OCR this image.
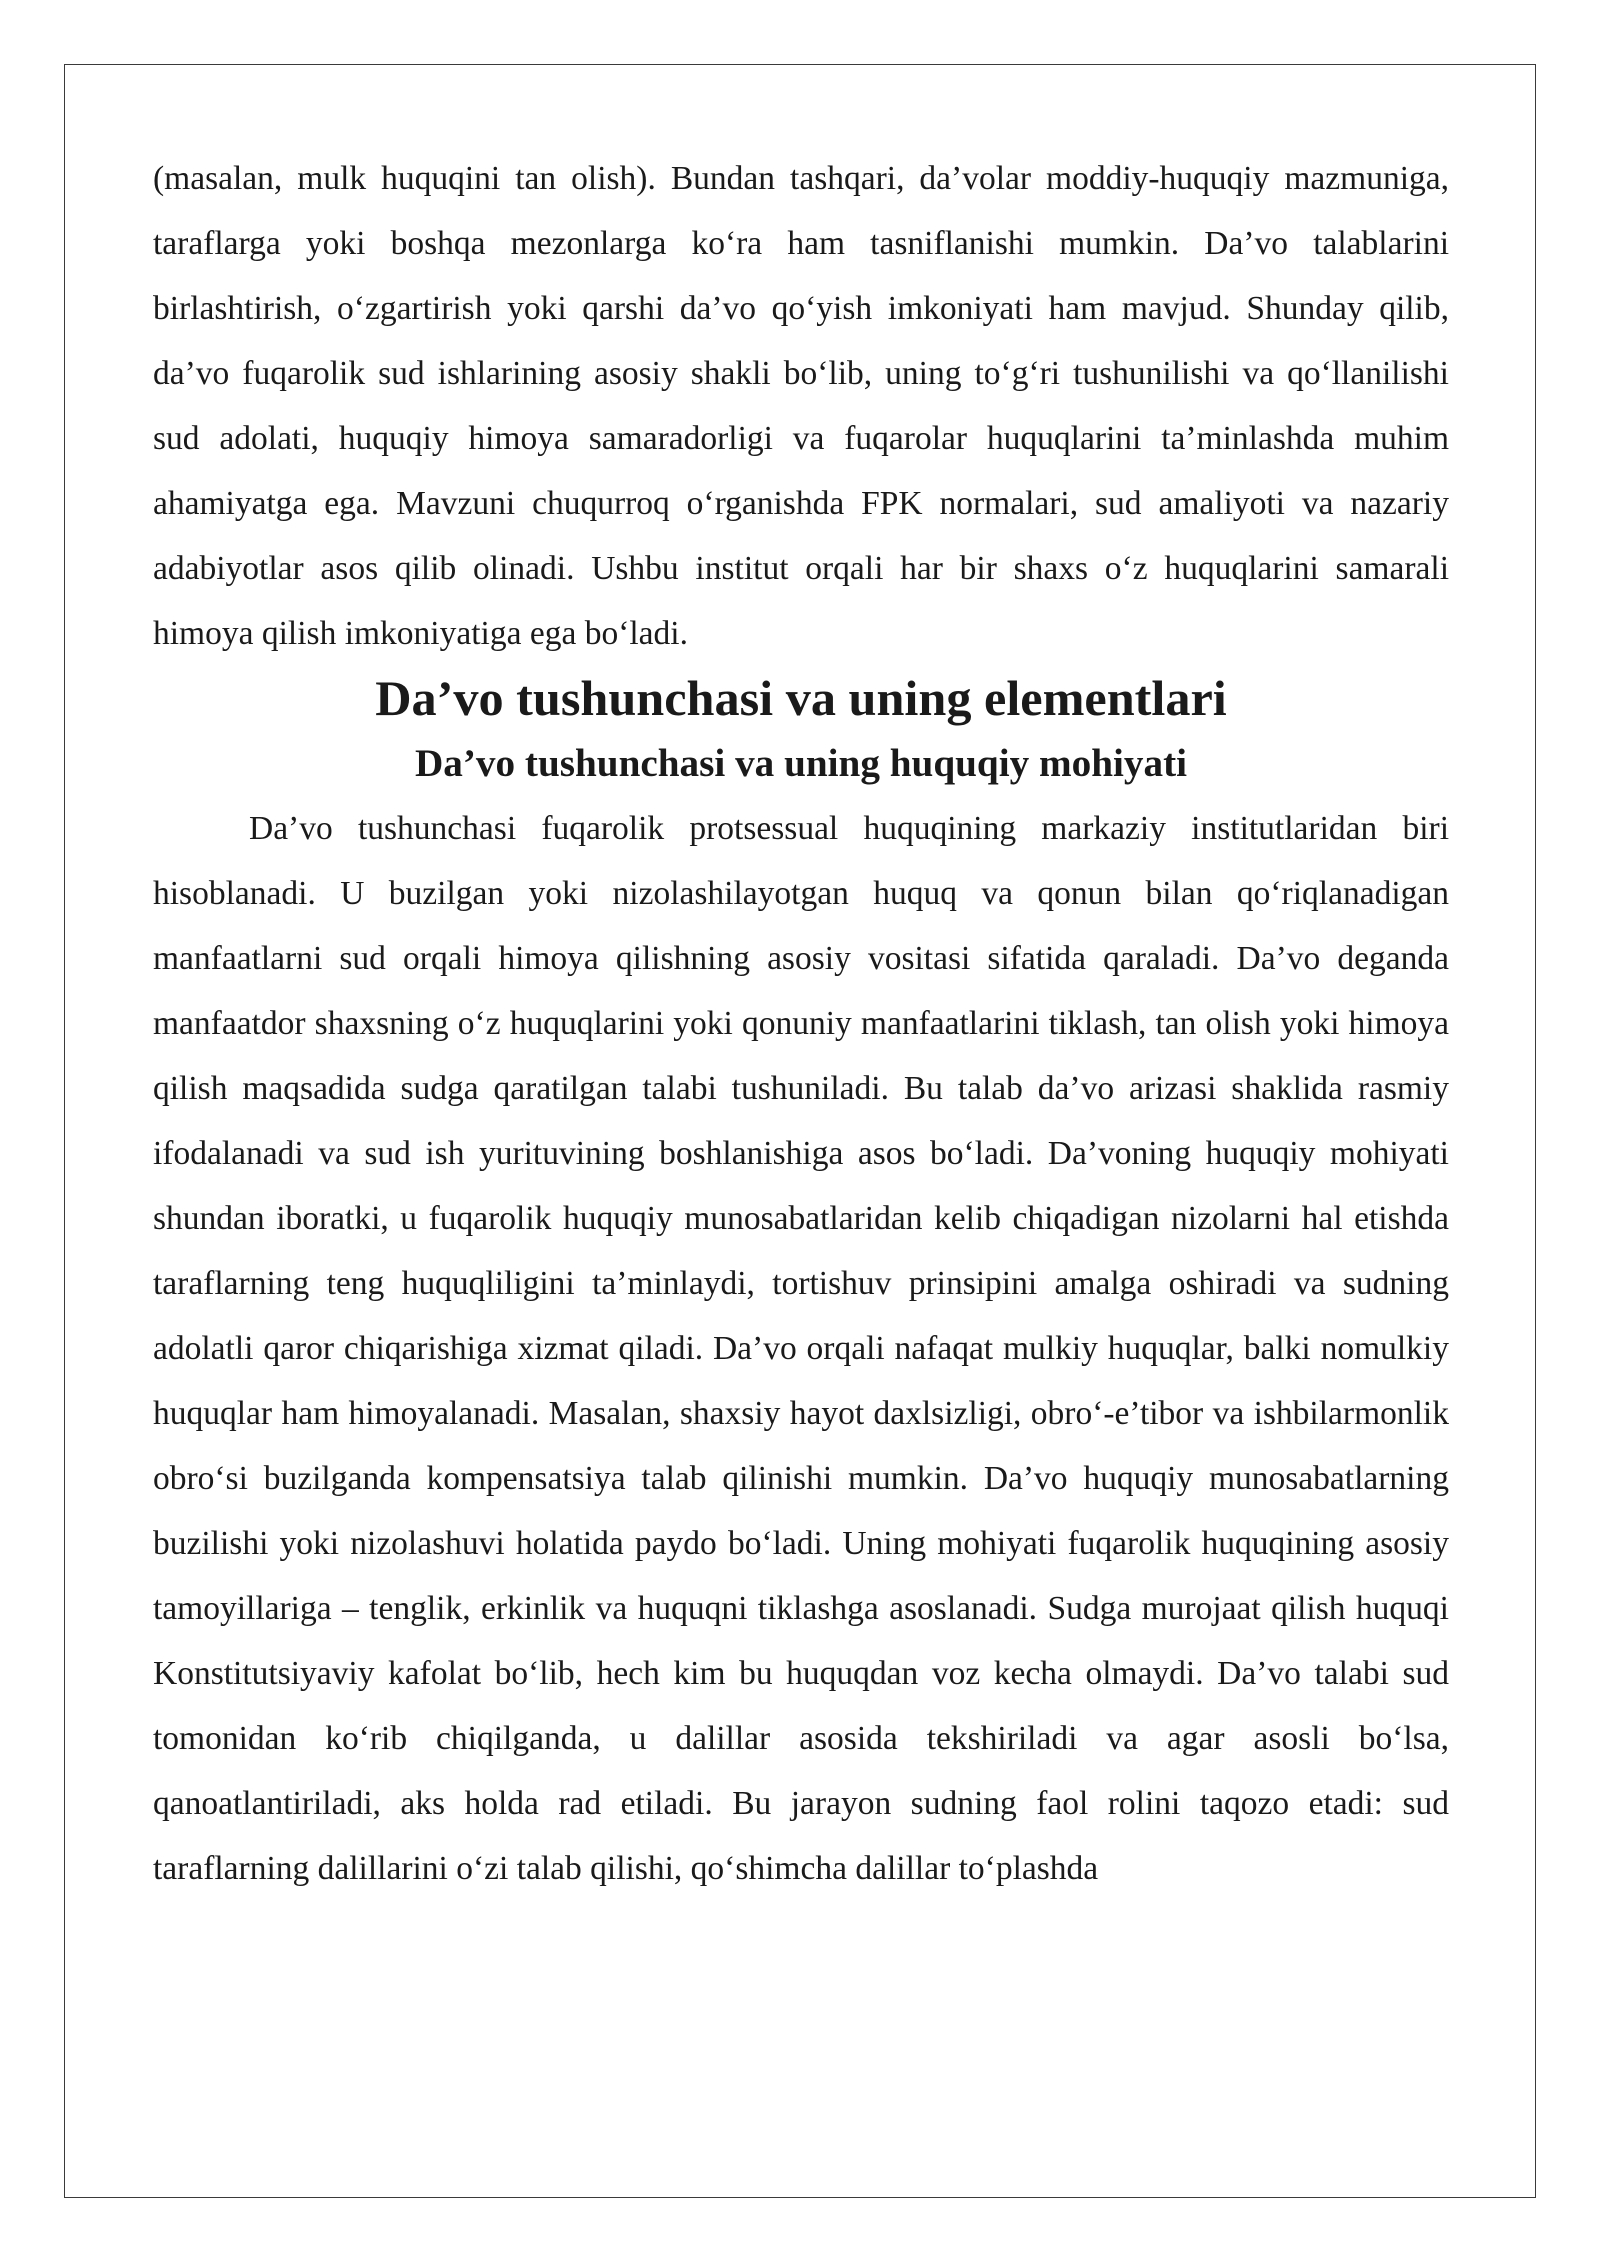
(masalan, mulk huquqini tan olish). Bundan tashqari, da’volar moddiy-huquqiy mazmuniga, taraflarga yoki boshqa mezonlarga ko‘ra ham tasniflanishi mumkin. Da’vo talablarini birlashtirish, o‘zgartirish yoki qarshi da’vo qo‘yish imkoniyati ham mavjud. Shunday qilib, da’vo fuqarolik sud ishlarining asosiy shakli bo‘lib, uning to‘g‘ri tushunilishi va qo‘llanilishi sud adolati, huquqiy himoya samaradorligi va fuqarolar huquqlarini ta’minlashda muhim ahamiyatga ega. Mavzuni chuqurroq o‘rganishda FPK normalari, sud amaliyoti va nazariy adabiyotlar asos qilib olinadi. Ushbu institut orqali har bir shaxs o‘z huquqlarini samarali himoya qilish imkoniyatiga ega bo‘ladi.

Da’vo tushunchasi va uning elementlari
Da’vo tushunchasi va uning huquqiy mohiyati

Da’vo tushunchasi fuqarolik protsessual huquqining markaziy institutlaridan biri hisoblanadi. U buzilgan yoki nizolashilayotgan huquq va qonun bilan qo‘riqlanadigan manfaatlarni sud orqali himoya qilishning asosiy vositasi sifatida qaraladi. Da’vo deganda manfaatdor shaxsning o‘z huquqlarini yoki qonuniy manfaatlarini tiklash, tan olish yoki himoya qilish maqsadida sudga qaratilgan talabi tushuniladi. Bu talab da’vo arizasi shaklida rasmiy ifodalanadi va sud ish yurituvining boshlanishiga asos bo‘ladi. Da’voning huquqiy mohiyati shundan iboratki, u fuqarolik huquqiy munosabatlaridan kelib chiqadigan nizolarni hal etishda taraflarning teng huquqliligini ta’minlaydi, tortishuv prinsipini amalga oshiradi va sudning adolatli qaror chiqarishiga xizmat qiladi. Da’vo orqali nafaqat mulkiy huquqlar, balki nomulkiy huquqlar ham himoyalanadi. Masalan, shaxsiy hayot daxlsizligi, obro‘-e’tibor va ishbilarmonlik obro‘si buzilganda kompensatsiya talab qilinishi mumkin. Da’vo huquqiy munosabatlarning buzilishi yoki nizolashuvi holatida paydo bo‘ladi. Uning mohiyati fuqarolik huquqining asosiy tamoyillariga – tenglik, erkinlik va huquqni tiklashga asoslanadi. Sudga murojaat qilish huquqi Konstitutsiyaviy kafolat bo‘lib, hech kim bu huquqdan voz kecha olmaydi. Da’vo talabi sud tomonidan ko‘rib chiqilganda, u dalillar asosida tekshiriladi va agar asosli bo‘lsa, qanoatlantiriladi, aks holda rad etiladi. Bu jarayon sudning faol rolini taqozo etadi: sud taraflarning dalillarini o‘zi talab qilishi, qo‘shimcha dalillar to‘plashda
